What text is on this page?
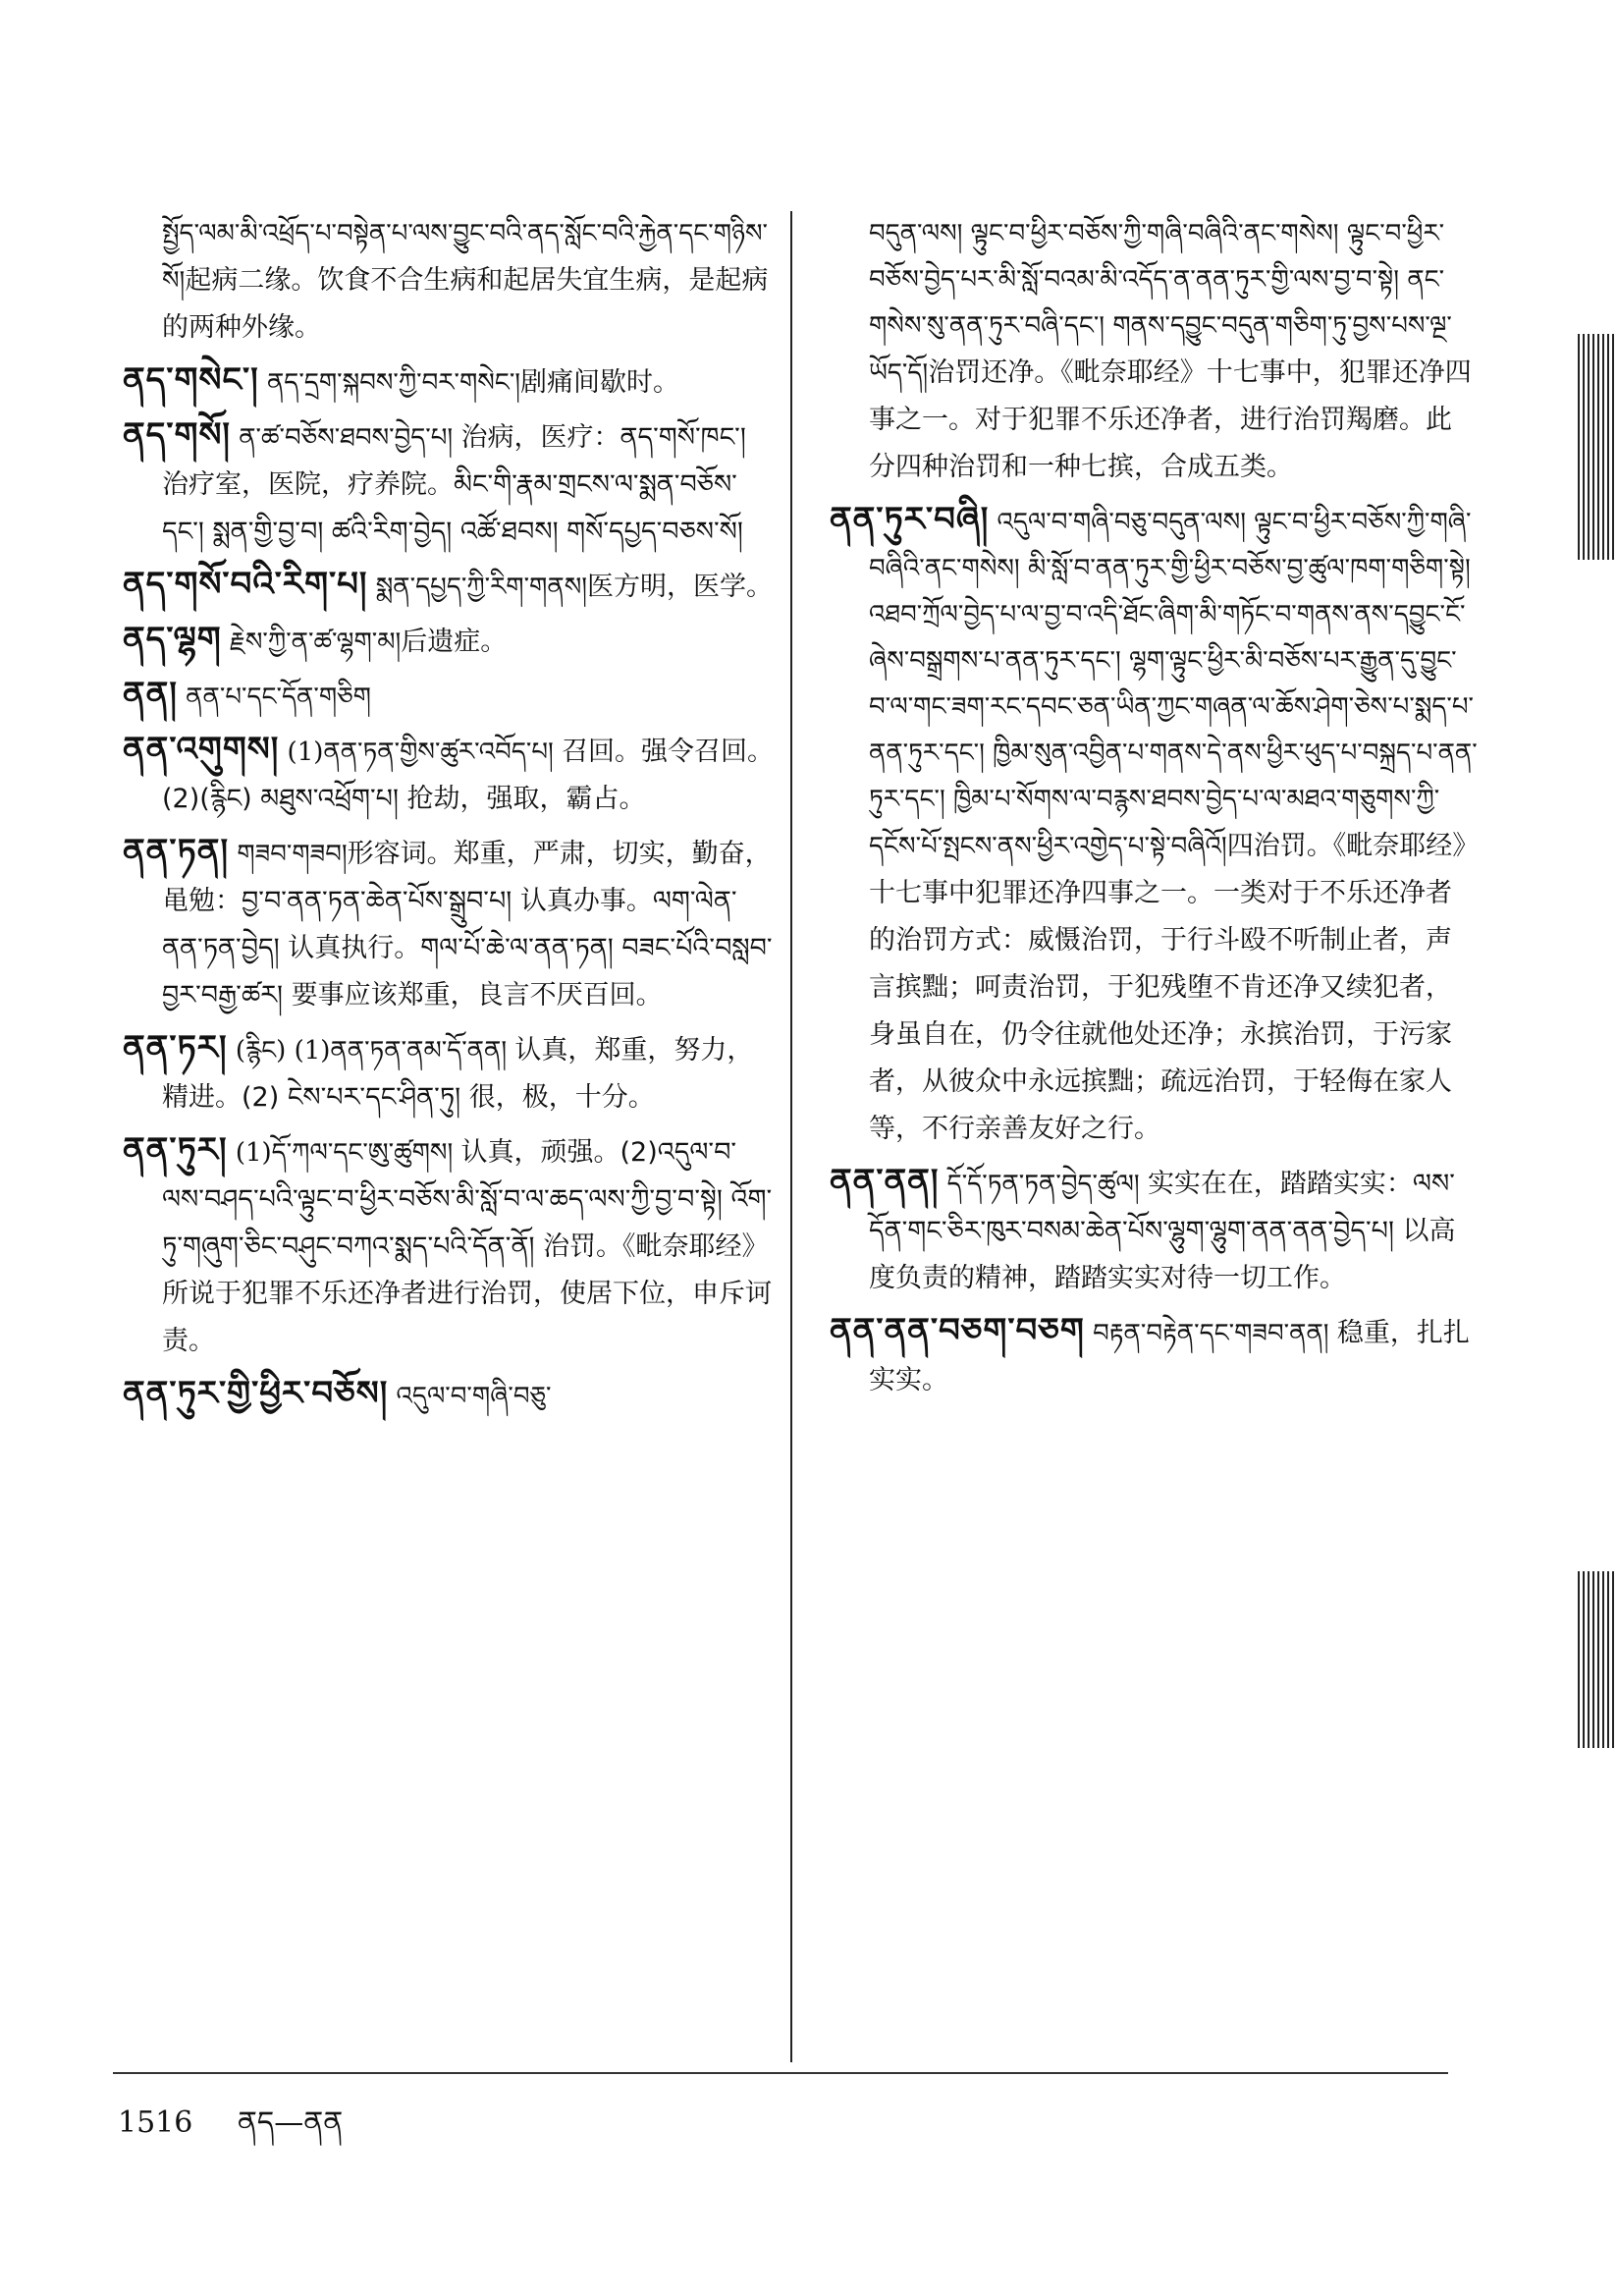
སྤྱོད་ལམ་མི་འཕྲོད་པ་བསྟེན་པ་ལས་བྱུང་བའི་ནད་སློང་བའི་རྐྱེན་དང་གཉིས་སོ།起病二缘。饮食不合生病和起居失宜生病，是起病的两种外缘。

ནད་གསེང་། ནད་དྲག་སྐབས་ཀྱི་བར་གསེང་།剧痛间歇时。

ནད་གསོ། ན་ཚ་བཅོས་ཐབས་བྱེད་པ། 治病，医疗：ནད་གསོ་ཁང་། 治疗室，医院，疗养院。མིང་གི་རྣམ་གྲངས་ལ་སྨན་བཅོས་དང་། སྨན་གྱི་བྱ་བ། ཚའི་རིག་བྱེད། འཚོ་ཐབས། གསོ་དཔྱད་བཅས་སོ།

ནད་གསོ་བའི་རིག་པ། སྨན་དཔྱད་ཀྱི་རིག་གནས།医方明，医学。

ནད་ལྷག རྗེས་ཀྱི་ན་ཚ་ལྷག་མ།后遗症。

ནན། ནན་པ་དང་དོན་གཅིག

ནན་འགུགས། (1)ནན་ཏན་གྱིས་ཚུར་འབོད་པ། 召回。强令召回。(2)(རྙིང) མཐུས་འཕྲོག་པ། 抢劫，强取，霸占。

ནན་ཏན། གཟབ་གཟབ།形容词。郑重，严肃，切实，勤奋，黾勉：བྱ་བ་ནན་ཏན་ཆེན་པོས་སྒྲུབ་པ། 认真办事。ལག་ལེན་ནན་ཏན་བྱེད། 认真执行。གལ་པོ་ཆེ་ལ་ནན་ཏན། བཟང་པོའི་བསླབ་བྱར་བརྒྱ་ཚར། 要事应该郑重，良言不厌百回。

ནན་ཏར། (རྙིང) (1)ནན་ཏན་ནམ་དོ་ནན། 认真，郑重，努力，精进。(2) ངེས་པར་དང་ཤིན་ཏུ། 很，极，十分。

ནན་ཏུར། (1)དོ་ཀལ་དང་ཨུ་ཚུགས། 认真，顽强。(2)འདུལ་བ་ལས་བཤད་པའི་ལྟུང་བ་ཕྱིར་བཅོས་མི་སློ་བ་ལ་ཆད་ལས་ཀྱི་བྱ་བ་སྟེ། འོག་ཏུ་གཞུག་ཅིང་བཤུང་བཀའ་སྨད་པའི་དོན་ནོ། 治罚。《毗奈耶经》所说于犯罪不乐还净者进行治罚，使居下位，申斥诃责。

ནན་ཏུར་གྱི་ཕྱིར་བཅོས། འདུལ་བ་གཞི་བཅུ་

བདུན་ལས། ལྟུང་བ་ཕྱིར་བཅོས་ཀྱི་གཞི་བཞིའི་ནང་གསེས། ལྟུང་བ་ཕྱིར་བཅོས་བྱེད་པར་མི་སློ་བའམ་མི་འདོད་ན་ནན་ཏུར་གྱི་ལས་བྱ་བ་སྟེ། ནང་གསེས་སུ་ནན་ཏུར་བཞི་དང་། གནས་དབྱུང་བདུན་གཅིག་ཏུ་བྱས་པས་ལྔ་ཡོད་དོ།治罚还净。《毗奈耶经》十七事中，犯罪还净四事之一。对于犯罪不乐还净者，进行治罚羯磨。此分四种治罚和一种七摈，合成五类。

ནན་ཏུར་བཞི། འདུལ་བ་གཞི་བཅུ་བདུན་ལས། ལྟུང་བ་ཕྱིར་བཅོས་ཀྱི་གཞི་བཞིའི་ནང་གསེས། མི་སློ་བ་ནན་ཏུར་གྱི་ཕྱིར་བཅོས་བྱ་ཚུལ་ཁག་གཅིག་སྟེ། འཐབ་ཀྲོལ་བྱེད་པ་ལ་བྱ་བ་འདི་ཐོང་ཞིག་མི་གཏོང་བ་གནས་ནས་དབྱུང་ངོ་ཞེས་བསྒྲགས་པ་ནན་ཏུར་དང་། ལྷག་ལྟུང་ཕྱིར་མི་བཅོས་པར་རྒྱུན་དུ་བྱུང་བ་ལ་གང་ཟག་རང་དབང་ཅན་ཡིན་ཀྱང་གཞན་ལ་ཆོས་ཤེག་ཅེས་པ་སྨད་པ་ནན་ཏུར་དང་། ཁྱིམ་སུན་འབྱིན་པ་གནས་དེ་ནས་ཕྱིར་ཕུད་པ་བསྐྲད་པ་ནན་ཏུར་དང་། ཁྱིམ་པ་སོགས་ལ་བརྙས་ཐབས་བྱེད་པ་ལ་མཐའ་གཅུགས་ཀྱི་དངོས་པོ་སྤངས་ནས་ཕྱིར་འགྱེད་པ་སྟེ་བཞིའོ།四治罚。《毗奈耶经》十七事中犯罪还净四事之一。一类对于不乐还净者的治罚方式：威慑治罚，于行斗殴不听制止者，声言摈黜；呵责治罚，于犯残堕不肯还净又续犯者，身虽自在，仍令往就他处还净；永摈治罚，于污家者，从彼众中永远摈黜；疏远治罚，于轻侮在家人等，不行亲善友好之行。

ནན་ནན། དོ་དོ་ཏན་ཏན་བྱེད་ཚུལ། 实实在在，踏踏实实：ལས་དོན་གང་ཅིར་ཁུར་བསམ་ཆེན་པོས་ལྷུག་ལྷུག་ནན་ནན་བྱེད་པ། 以高度负责的精神，踏踏实实对待一切工作。

ནན་ནན་བཅག་བཅག བརྟན་བརྟེན་དང་གཟབ་ནན། 稳重，扎扎实实。

1516 ནད—ནན
